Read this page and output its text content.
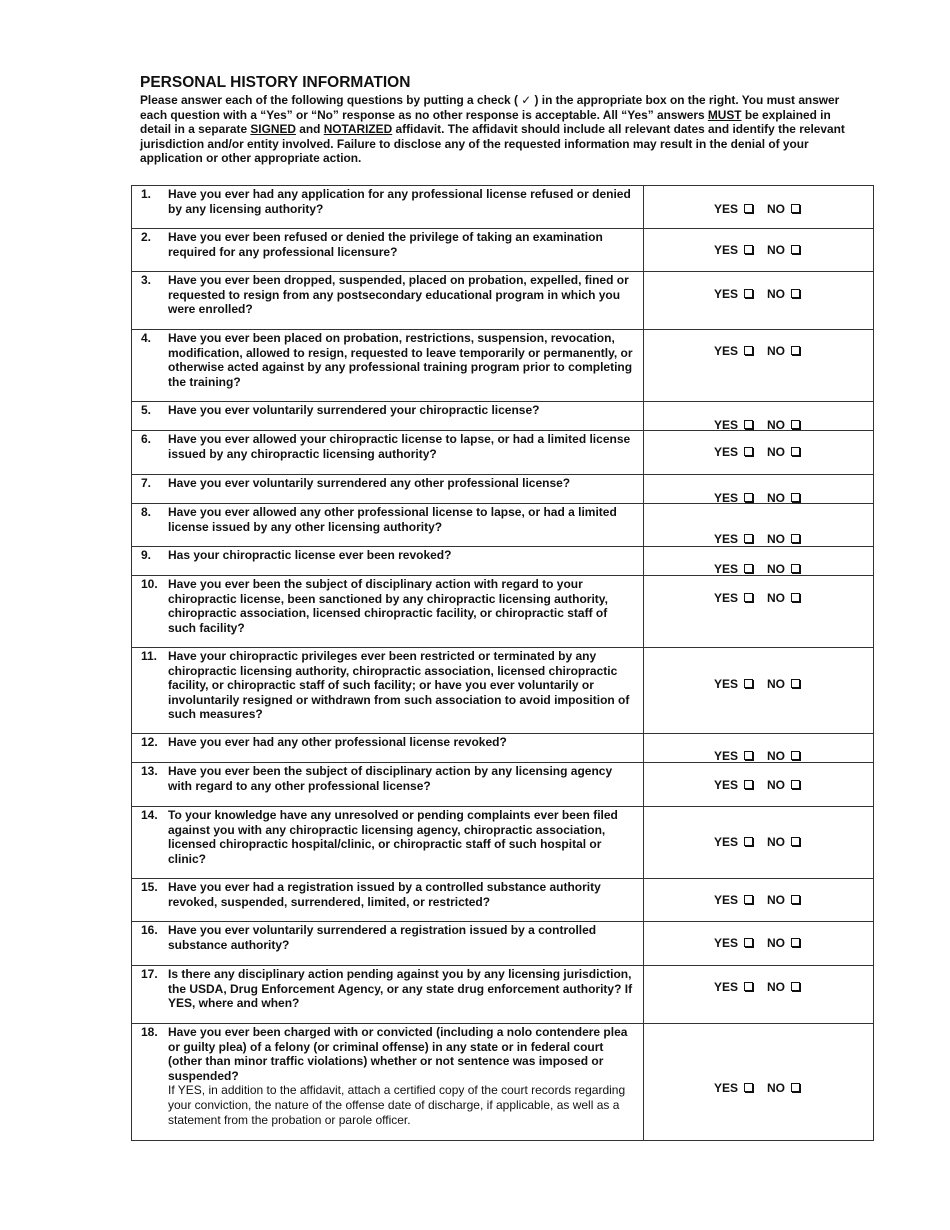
PERSONAL HISTORY INFORMATION
Please answer each of the following questions by putting a check ( ✓ ) in the appropriate box on the right. You must answer each question with a “Yes” or “No” response as no other response is acceptable. All “Yes” answers MUST be explained in detail in a separate SIGNED and NOTARIZED affidavit. The affidavit should include all relevant dates and identify the relevant jurisdiction and/or entity involved. Failure to disclose any of the requested information may result in the denial of your application or other appropriate action.
1. Have you ever had any application for any professional license refused or denied by any licensing authority?	YES NO

2. Have you ever been refused or denied the privilege of taking an examination required for any professional licensure?	YES NO

3. Have you ever been dropped, suspended, placed on probation, expelled, fined or requested to resign from any postsecondary educational program in which you were enrolled?	YES NO

4. Have you ever been placed on probation, restrictions, suspension, revocation, modification, allowed to resign, requested to leave temporarily or permanently, or otherwise acted against by any professional training program prior to completing the training?	YES NO

5. Have you ever voluntarily surrendered your chiropractic license?	YES NO

6. Have you ever allowed your chiropractic license to lapse, or had a limited license issued by any chiropractic licensing authority?	YES NO

7. Have you ever voluntarily surrendered any other professional license?	YES NO

8. Have you ever allowed any other professional license to lapse, or had a limited license issued by any other licensing authority?	YES NO

9. Has your chiropractic license ever been revoked?	YES NO

10. Have you ever been the subject of disciplinary action with regard to your chiropractic license, been sanctioned by any chiropractic licensing authority, chiropractic association, licensed chiropractic facility, or chiropractic staff of such facility?	YES NO

11. Have your chiropractic privileges ever been restricted or terminated by any chiropractic licensing authority, chiropractic association, licensed chiropractic facility, or chiropractic staff of such facility; or have you ever voluntarily or involuntarily resigned or withdrawn from such association to avoid imposition of such measures?	YES NO

12. Have you ever had any other professional license revoked?	YES NO

13. Have you ever been the subject of disciplinary action by any licensing agency with regard to any other professional license?	YES NO

14. To your knowledge have any unresolved or pending complaints ever been filed against you with any chiropractic licensing agency, chiropractic association, licensed chiropractic hospital/clinic, or chiropractic staff of such hospital or clinic?	YES NO

15. Have you ever had a registration issued by a controlled substance authority revoked, suspended, surrendered, limited, or restricted?	YES NO

16. Have you ever voluntarily surrendered a registration issued by a controlled substance authority?	YES NO

17. Is there any disciplinary action pending against you by any licensing jurisdiction, the USDA, Drug Enforcement Agency, or any state drug enforcement authority? If YES, where and when?	YES NO

18. Have you ever been charged with or convicted (including a nolo contendere plea or guilty plea) of a felony (or criminal offense) in any state or in federal court (other than minor traffic violations) whether or not sentence was imposed or suspended?
If YES, in addition to the affidavit, attach a certified copy of the court records regarding your conviction, the nature of the offense date of discharge, if applicable, as well as a statement from the probation or parole officer.	YES NO
